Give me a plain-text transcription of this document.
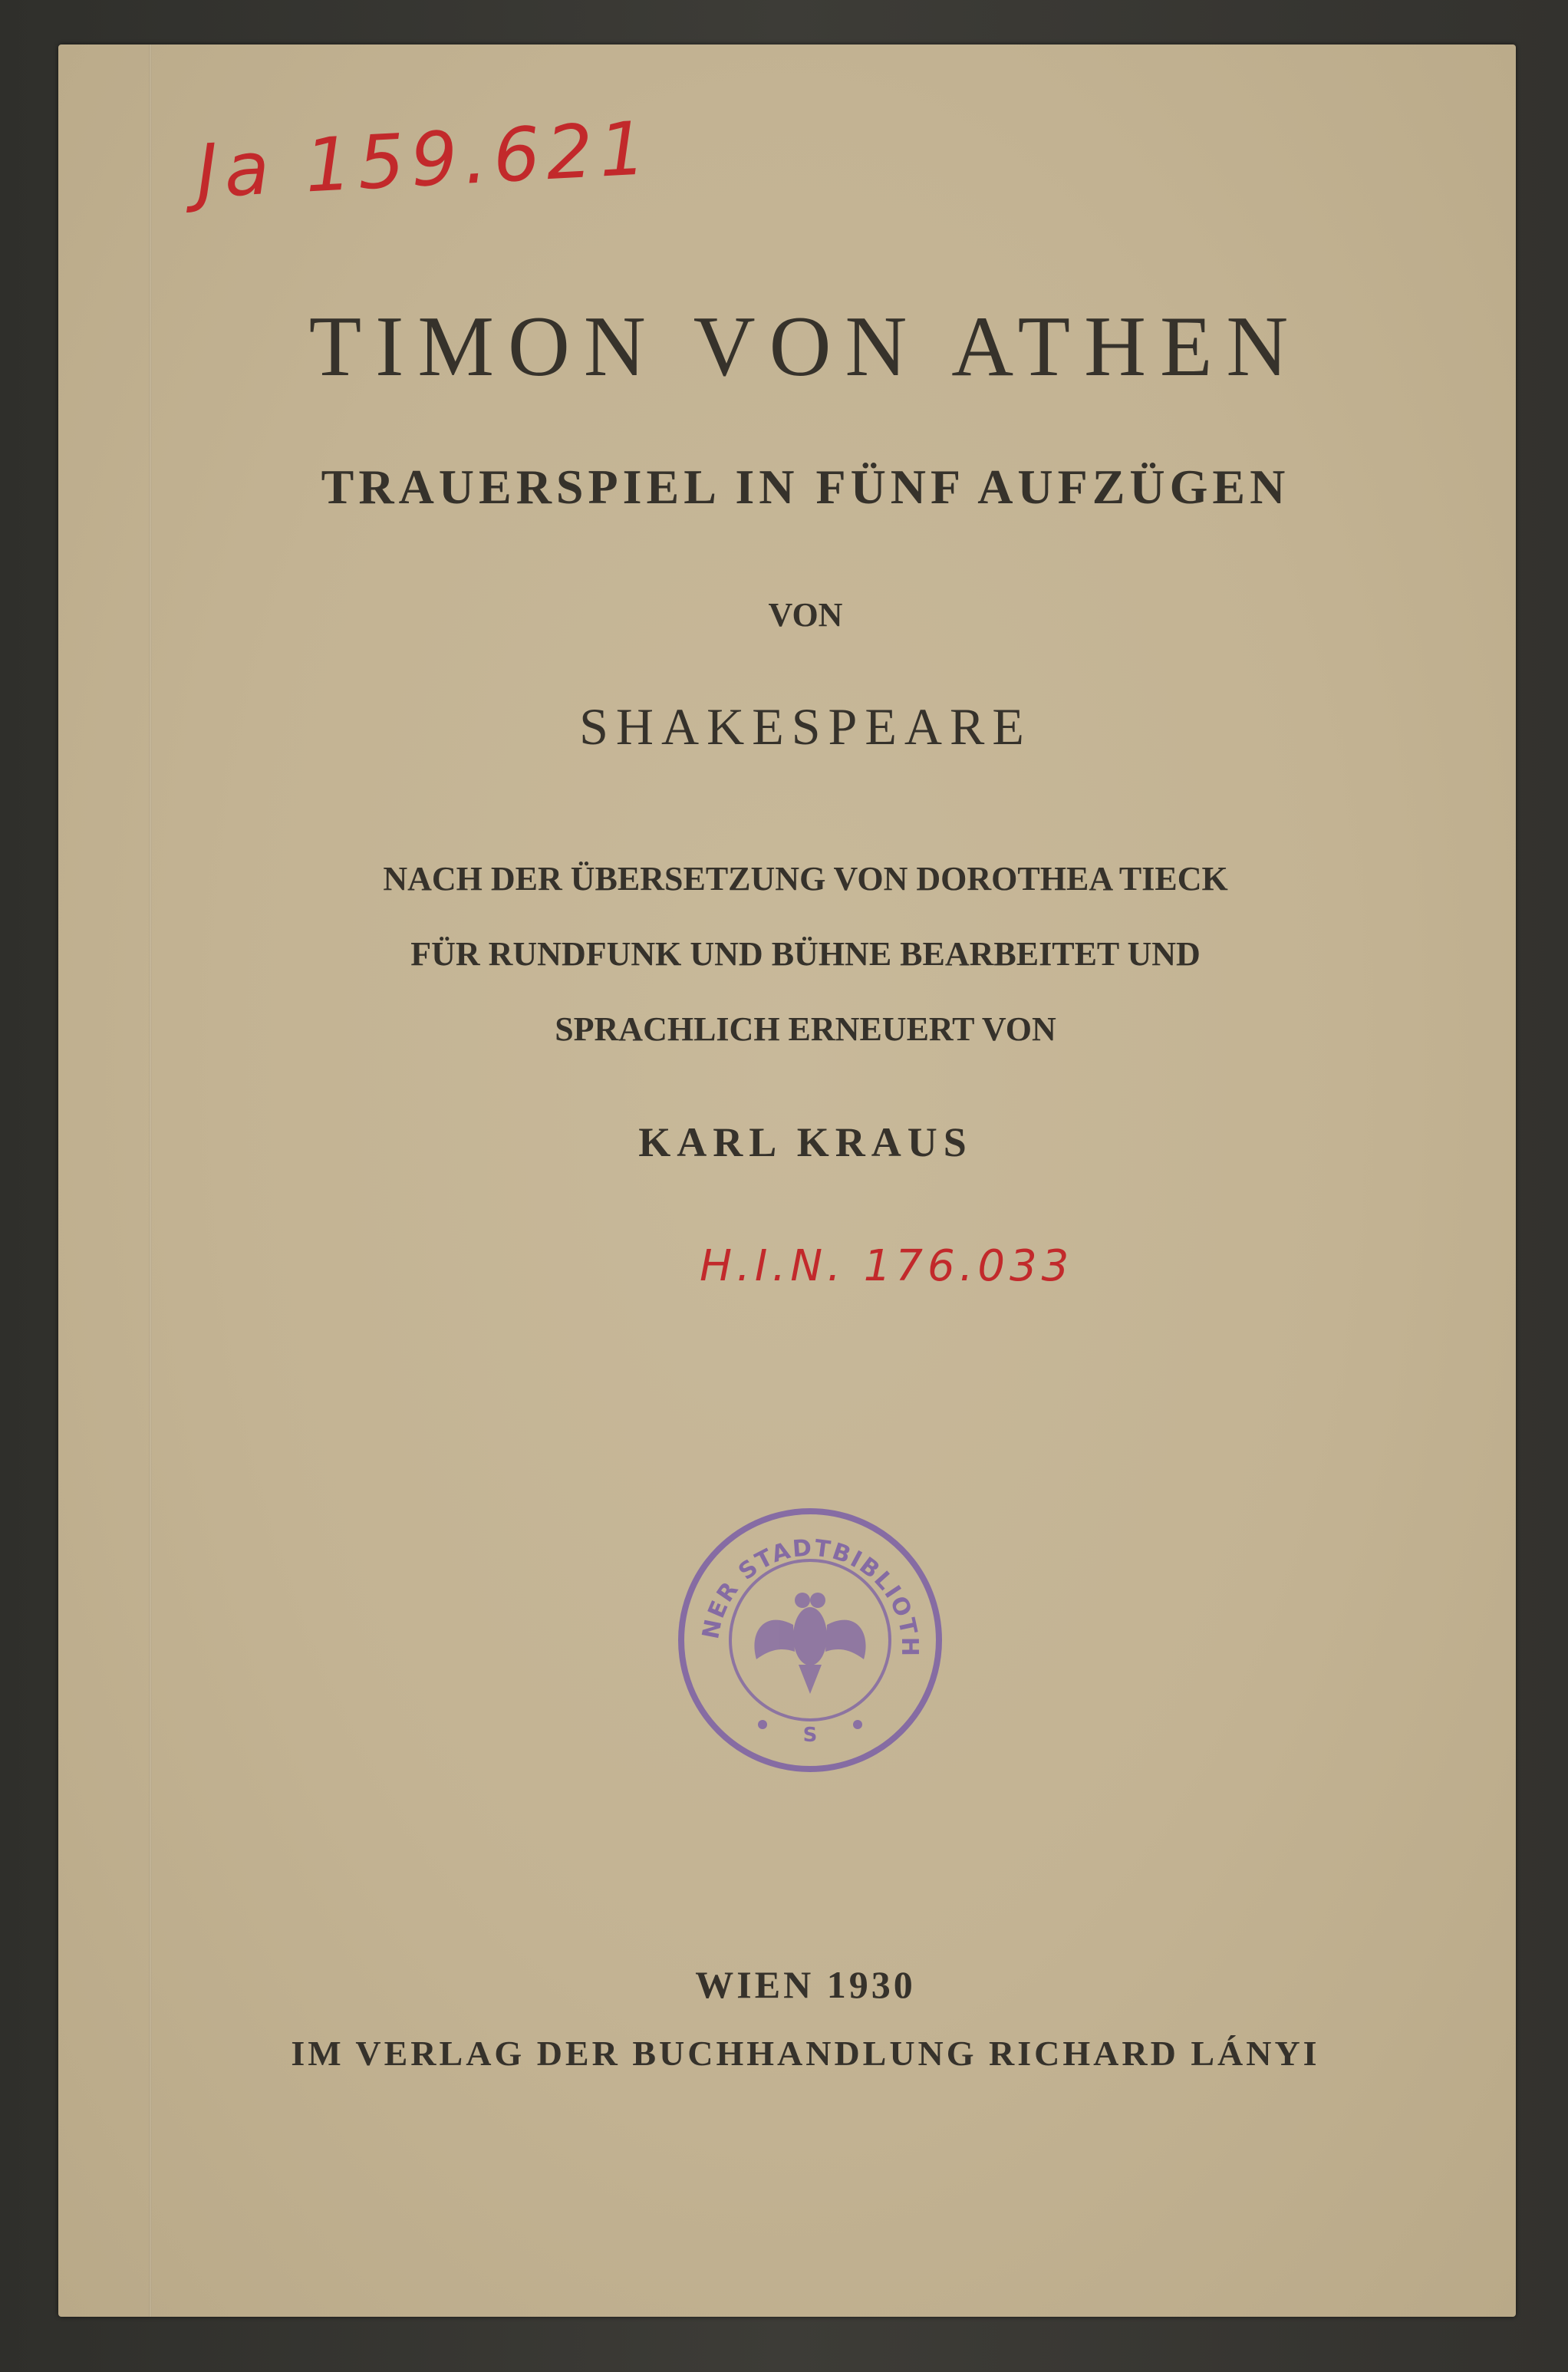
Ja 159.621
TIMON VON ATHEN
TRAUERSPIEL IN FÜNF AUFZÜGEN
VON
SHAKESPEARE
NACH DER ÜBERSETZUNG VON DOROTHEA TIECK
FÜR RUNDFUNK UND BÜHNE BEARBEITET UND
SPRACHLICH ERNEUERT VON
KARL KRAUS
H.I.N. 176.033
NER STADTBIBLIOTH
S
WIEN 1930
IM VERLAG DER BUCHHANDLUNG RICHARD LÁNYI
